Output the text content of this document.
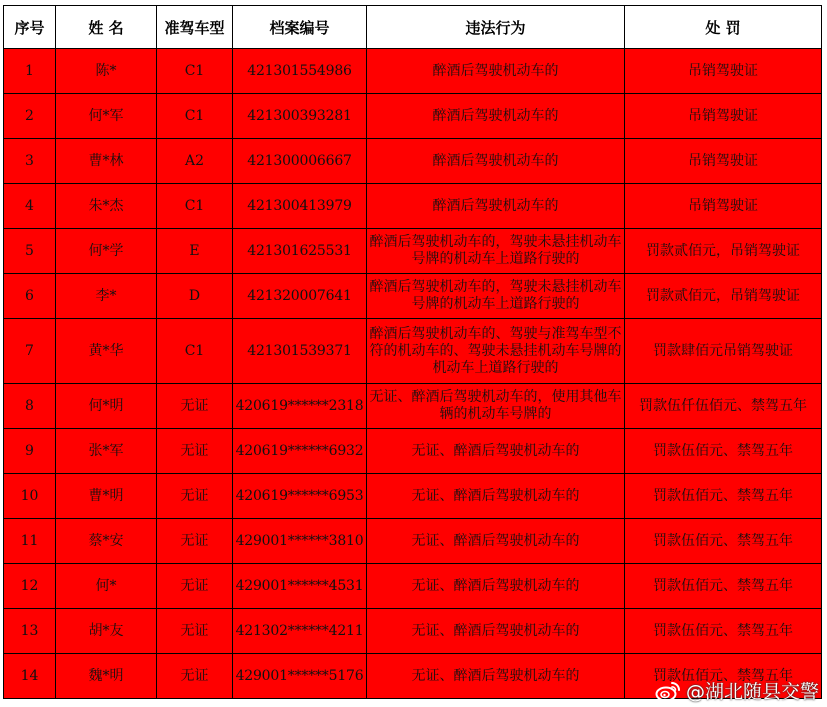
序号	姓 名	准驾车型	档案编号	违法行为	处 罚
1	陈*	C1	421301554986	醉酒后驾驶机动车的	吊销驾驶证
2	何*军	C1	421300393281	醉酒后驾驶机动车的	吊销驾驶证
3	曹*林	A2	421300006667	醉酒后驾驶机动车的	吊销驾驶证
4	朱*杰	C1	421300413979	醉酒后驾驶机动车的	吊销驾驶证
5	何*学	E	421301625531	醉酒后驾驶机动车的，驾驶未悬挂机动车号牌的机动车上道路行驶的	罚款贰佰元，吊销驾驶证
6	李*	D	421320007641	醉酒后驾驶机动车的，驾驶未悬挂机动车号牌的机动车上道路行驶的	罚款贰佰元，吊销驾驶证
7	黄*华	C1	421301539371	醉酒后驾驶机动车的、驾驶与准驾车型不符的机动车的、驾驶未悬挂机动车号牌的机动车上道路行驶的	罚款肆佰元吊销驾驶证
8	何*明	无证	420619******2318	无证、醉酒后驾驶机动车的，使用其他车辆的机动车号牌的	罚款伍仟伍佰元、禁驾五年
9	张*军	无证	420619******6932	无证、醉酒后驾驶机动车的	罚款伍佰元、禁驾五年
10	曹*明	无证	420619******6953	无证、醉酒后驾驶机动车的	罚款伍佰元、禁驾五年
11	蔡*安	无证	429001******3810	无证、醉酒后驾驶机动车的	罚款伍佰元、禁驾五年
12	何*	无证	429001******4531	无证、醉酒后驾驶机动车的	罚款伍佰元、禁驾五年
13	胡*友	无证	421302******4211	无证、醉酒后驾驶机动车的	罚款伍佰元、禁驾五年
14	魏*明	无证	429001******5176	无证、醉酒后驾驶机动车的	罚款伍佰元、禁驾五年
@湖北随县交警
